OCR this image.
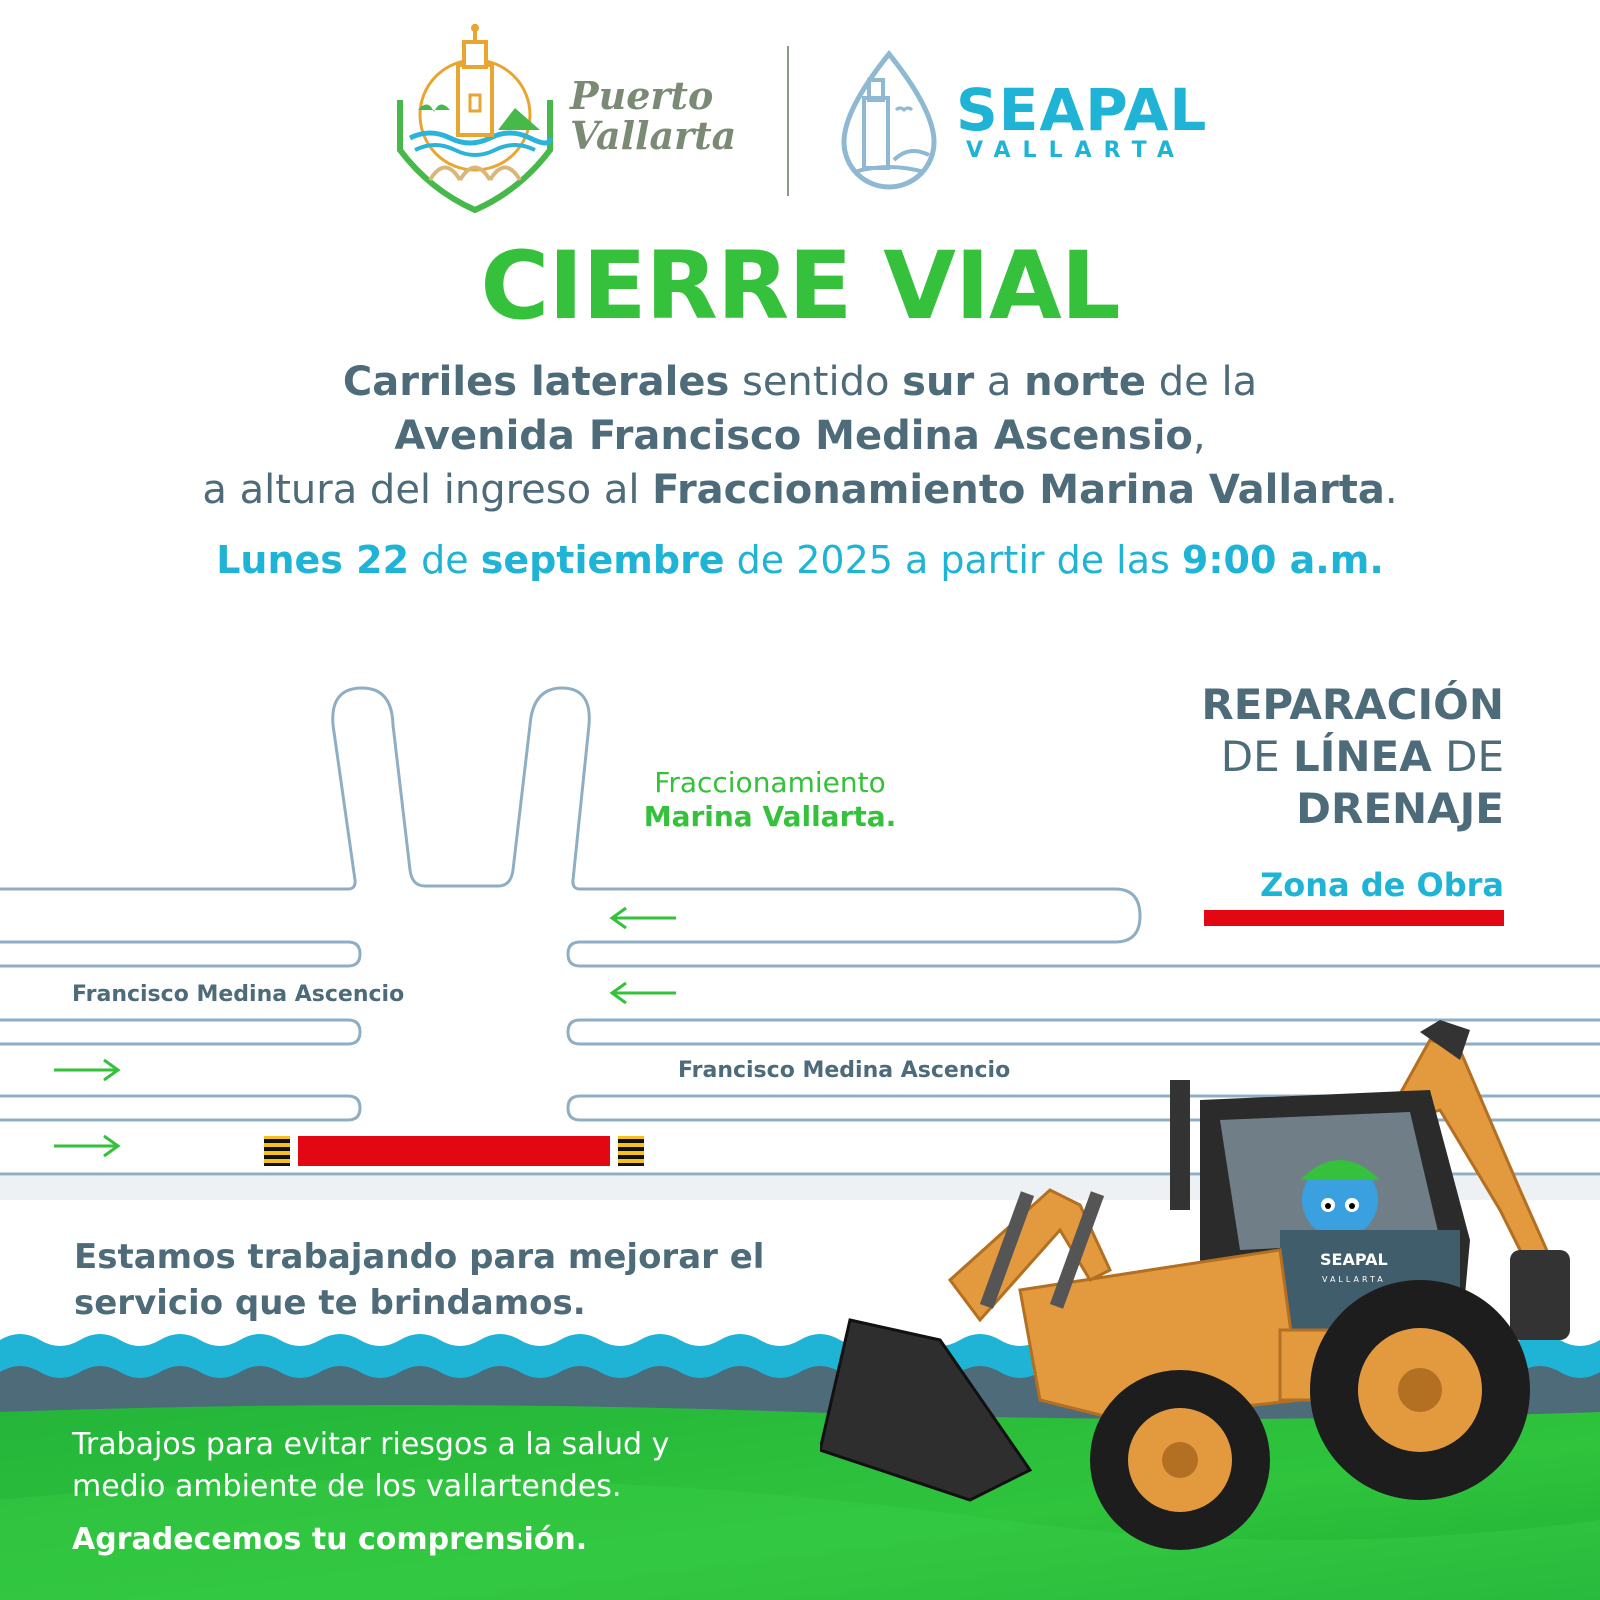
Puerto
Vallarta	SEAPAL
VALLARTA
CIERRE VIAL
Carriles laterales sentido sur a norte de la
Avenida Francisco Medina Ascensio,
a altura del ingreso al Fraccionamiento Marina Vallarta.
Lunes 22 de septiembre de 2025 a partir de las 9:00 a.m.
Fraccionamiento
Marina Vallarta.
Francisco Medina Ascencio
Francisco Medina Ascencio
REPARACIÓN
DE LÍNEA DE
DRENAJE
Zona de Obra
Estamos trabajando para mejorar el
servicio que te brindamos.
Trabajos para evitar riesgos a la salud y
medio ambiente de los vallartendes.
Agradecemos tu comprensión.
SEAPAL
VALLARTA
